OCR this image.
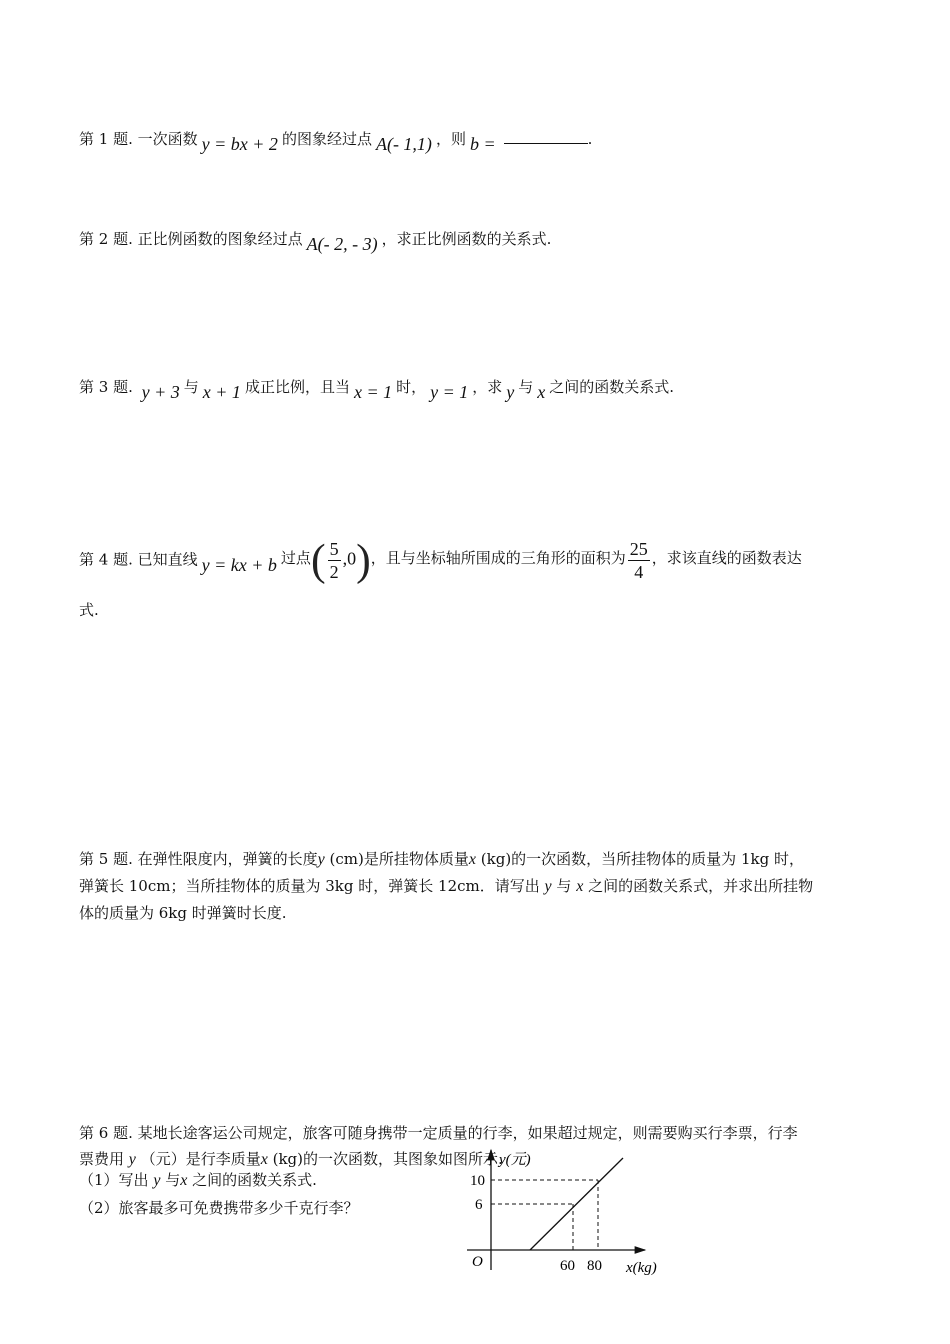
第 1 题. 一次函数 y = bx + 2 的图象经过点 A(- 1,1) ，则 b =	.
第 2 题. 正比例函数的图象经过点 A(- 2, - 3) ，求正比例函数的关系式.
第 3 题. y + 3 与 x + 1 成正比例，且当 x = 1 时， y = 1 ，求 y 与 x 之间的函数关系式.
第 4 题. 已知直线 y = kx + b 过点( $\frac{5}{2} ,0$)，且与坐标轴所围成的三角形的面积为 $\frac{25}{4}$ ，求该直线的函数表达
式.
第 5 题. 在弹性限度内，弹簧的长度y (cm)是所挂物体质量x (kg)的一次函数，当所挂物体的质量为 1kg 时，
弹簧长 10cm；当所挂物体的质量为 3kg 时，弹簧长 12cm．请写出 y 与 x 之间的函数关系式，并求出所挂物
体的质量为 6kg 时弹簧时长度.
第 6 题. 某地长途客运公司规定，旅客可随身携带一定质量的行李，如果超过规定，则需要购买行李票，行李
票费用 y （元）是行李质量x (kg)的一次函数，其图象如图所示.
（1）写出 y 与x 之间的函数关系式.
（2）旅客最多可免费携带多少千克行李？
y(元)
x(kg)
O
10
6
60 80
